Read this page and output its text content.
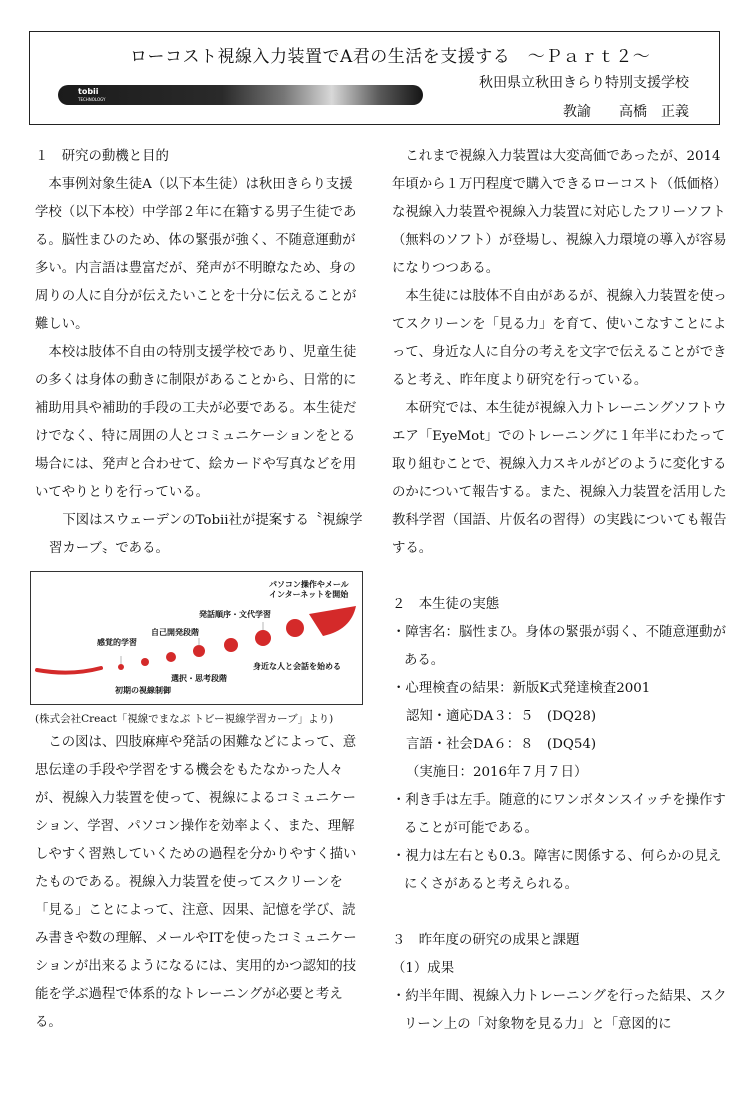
ローコスト視線入力装置でA君の生活を支援する　～Ｐａｒｔ２～
tobii
TECHNOLOGY
秋田県立秋田きらり特別支援学校
教諭　　高橋　正義

１　研究の動機と目的

本事例対象生徒A（以下本生徒）は秋田きらり支援学校（以下本校）中学部２年に在籍する男子生徒である。脳性まひのため、体の緊張が強く、不随意運動が多い。内言語は豊富だが、発声が不明瞭なため、身の周りの人に自分が伝えたいことを十分に伝えることが難しい。

本校は肢体不自由の特別支援学校であり、児童生徒の多くは身体の動きに制限があることから、日常的に補助用具や補助的手段の工夫が必要である。本生徒だけでなく、特に周囲の人とコミュニケーションをとる場合には、発声と合わせて、絵カードや写真などを用いてやりとりを行っている。

下図はスウェーデンのTobii社が提案する〝視線学習カーブ〟である。

パソコン操作やメール
インターネットを開始
発話順序・文代学習
自己開発段階
感覚的学習
身近な人と会話を始める
選択・思考段階
初期の視線制御

(株式会社Creact「視線でまなぶ トビー視線学習カーブ」より)

この図は、四肢麻痺や発話の困難などによって、意思伝達の手段や学習をする機会をもたなかった人々が、視線入力装置を使って、視線によるコミュニケーション、学習、パソコン操作を効率よく、また、理解しやすく習熟していくための過程を分かりやすく描いたものである。視線入力装置を使ってスクリーンを「見る」ことによって、注意、因果、記憶を学び、読み書きや数の理解、メールやITを使ったコミュニケーションが出来るようになるには、実用的かつ認知的技能を学ぶ過程で体系的なトレーニングが必要と考える。

これまで視線入力装置は大変高価であったが、2014年頃から１万円程度で購入できるローコスト（低価格）な視線入力装置や視線入力装置に対応したフリーソフト（無料のソフト）が登場し、視線入力環境の導入が容易になりつつある。

本生徒には肢体不自由があるが、視線入力装置を使ってスクリーンを「見る力」を育て、使いこなすことによって、身近な人に自分の考えを文字で伝えることができると考え、昨年度より研究を行っている。

本研究では、本生徒が視線入力トレーニングソフトウエア「EyeMot」でのトレーニングに１年半にわたって取り組むことで、視線入力スキルがどのように変化するのかについて報告する。また、視線入力装置を活用した教科学習（国語、片仮名の習得）の実践についても報告する。

２　本生徒の実態

・障害名：脳性まひ。身体の緊張が弱く、不随意運動がある。

・心理検査の結果：新版K式発達検査2001

認知・適応DA３：５　(DQ28)

言語・社会DA６：８　(DQ54)

（実施日：2016年７月７日）

・利き手は左手。随意的にワンボタンスイッチを操作することが可能である。

・視力は左右とも0.3。障害に関係する、何らかの見えにくさがあると考えられる。

３　昨年度の研究の成果と課題

（1）成果

・約半年間、視線入力トレーニングを行った結果、スクリーン上の「対象物を見る力」と「意図的に
